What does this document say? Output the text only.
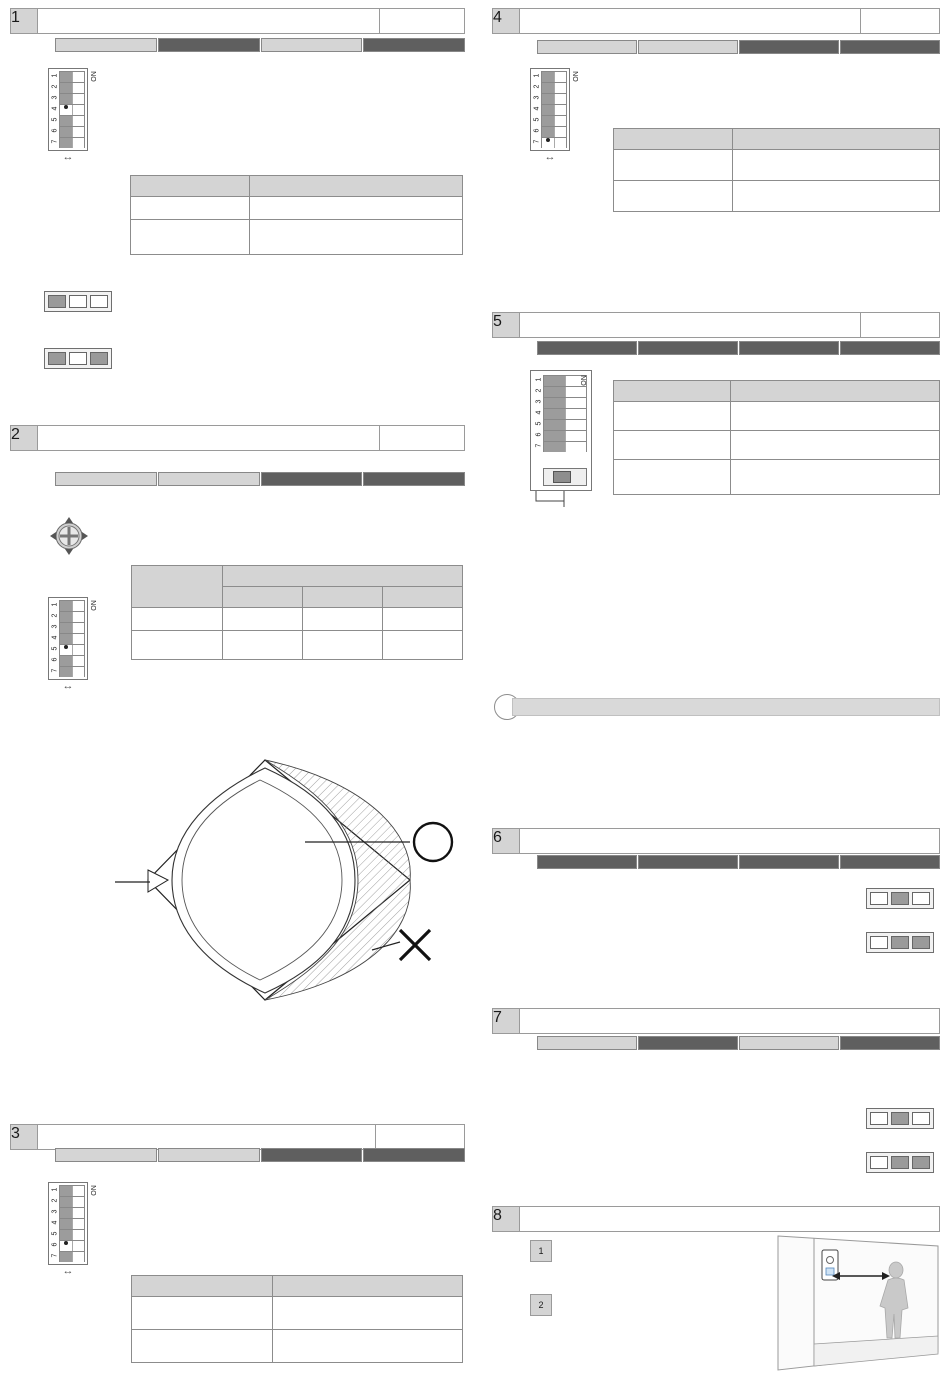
1
1
2
3
4
5
6
7
ON
↔

2
1
2
3
4
5
6
7
ON
↔

3
1
2
3
4
5
6
7
ON
↔

4
1
2
3
4
5
6
7
ON
↔

5
1
2
3
4
5
6
7
ON

6
7
8
1
2
